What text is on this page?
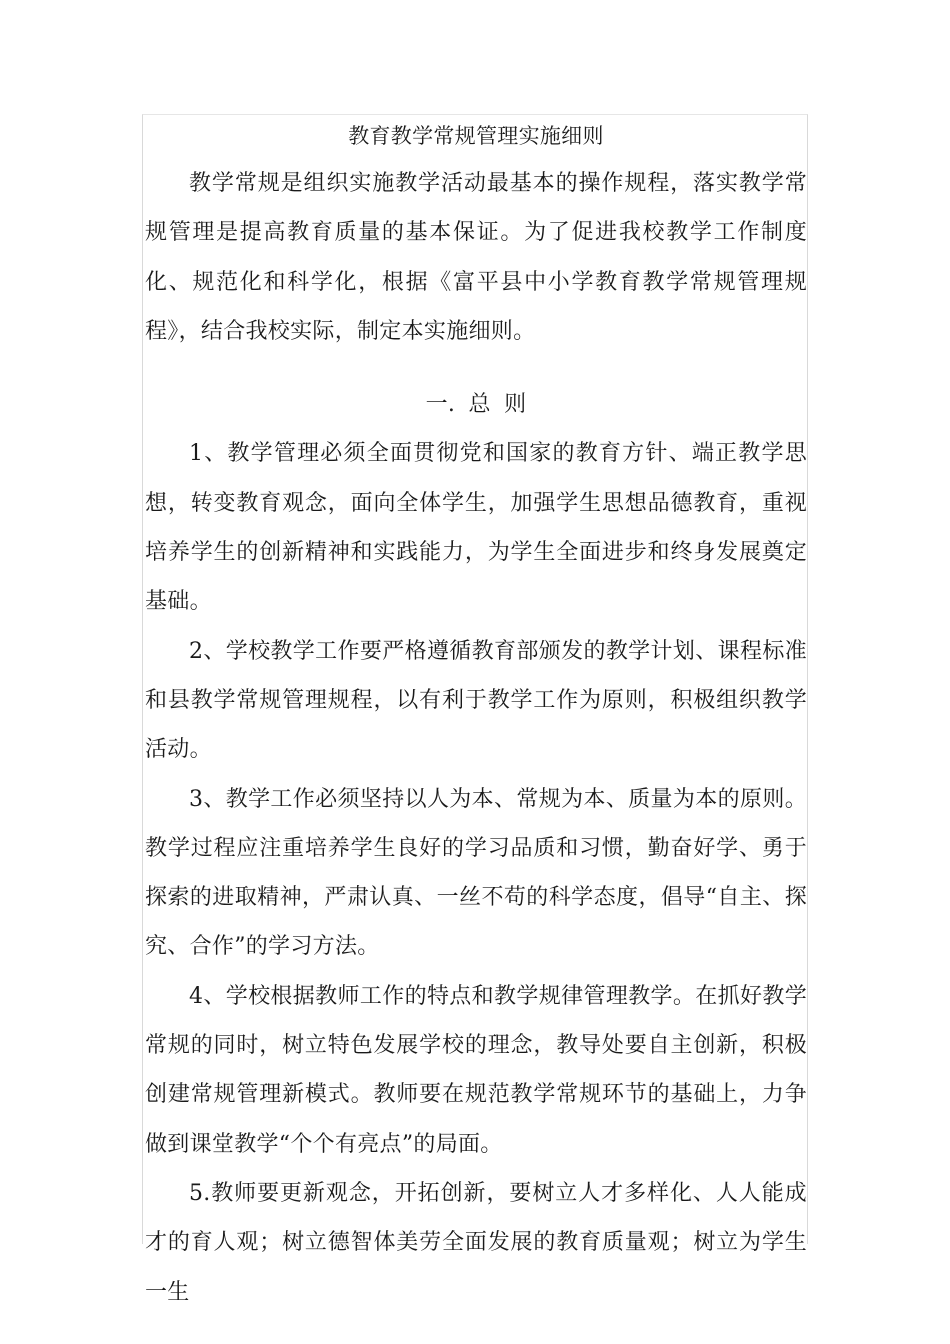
教育教学常规管理实施细则

教学常规是组织实施教学活动最基本的操作规程，落实教学常规管理是提高教育质量的基本保证。为了促进我校教学工作制度化、规范化和科学化，根据《富平县中小学教育教学常规管理规程》，结合我校实际，制定本实施细则。

一. 总 则

1、教学管理必须全面贯彻党和国家的教育方针、端正教学思想，转变教育观念，面向全体学生，加强学生思想品德教育，重视培养学生的创新精神和实践能力，为学生全面进步和终身发展奠定基础。

2、学校教学工作要严格遵循教育部颁发的教学计划、课程标准和县教学常规管理规程，以有利于教学工作为原则，积极组织教学活动。

3、教学工作必须坚持以人为本、常规为本、质量为本的原则。教学过程应注重培养学生良好的学习品质和习惯，勤奋好学、勇于探索的进取精神，严肃认真、一丝不苟的科学态度，倡导“自主、探究、合作”的学习方法。

4、学校根据教师工作的特点和教学规律管理教学。在抓好教学常规的同时，树立特色发展学校的理念，教导处要自主创新，积极创建常规管理新模式。教师要在规范教学常规环节的基础上，力争做到课堂教学“个个有亮点”的局面。

5.教师要更新观念，开拓创新，要树立人才多样化、人人能成才的育人观；树立德智体美劳全面发展的教育质量观；树立为学生一生
